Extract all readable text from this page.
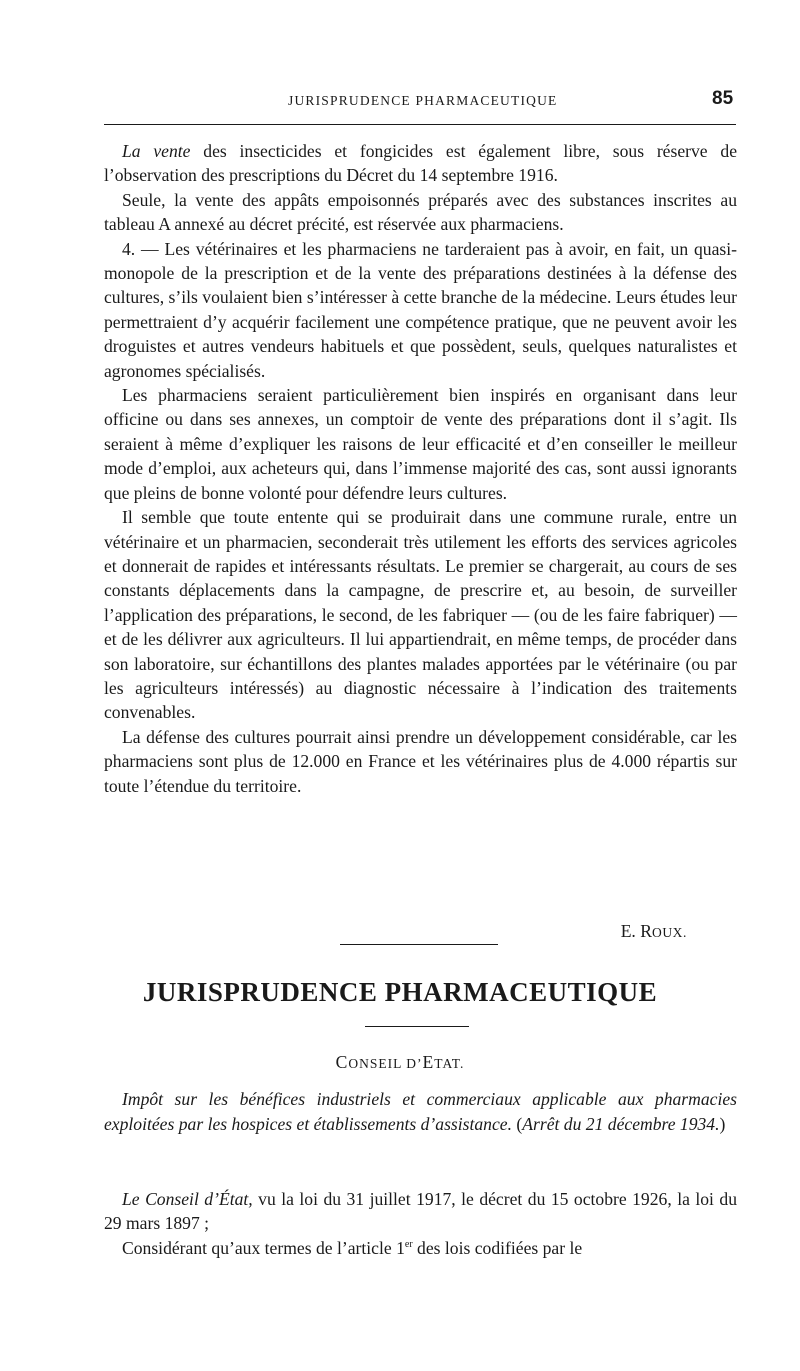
JURISPRUDENCE PHARMACEUTIQUE	85

La vente des insecticides et fongicides est également libre, sous réserve de l’observation des prescriptions du Décret du 14 septembre 1916.

Seule, la vente des appâts empoisonnés préparés avec des substances inscrites au tableau A annexé au décret précité, est réservée aux pharmaciens.

4. — Les vétérinaires et les pharmaciens ne tarderaient pas à avoir, en fait, un quasi-monopole de la prescription et de la vente des préparations destinées à la défense des cultures, s’ils voulaient bien s’intéresser à cette branche de la médecine. Leurs études leur permettraient d’y acquérir facilement une compétence pratique, que ne peuvent avoir les droguistes et autres vendeurs habituels et que possèdent, seuls, quelques naturalistes et agronomes spécialisés.

Les pharmaciens seraient particulièrement bien inspirés en organisant dans leur officine ou dans ses annexes, un comptoir de vente des préparations dont il s’agit. Ils seraient à même d’expliquer les raisons de leur efficacité et d’en conseiller le meilleur mode d’emploi, aux acheteurs qui, dans l’immense majorité des cas, sont aussi ignorants que pleins de bonne volonté pour défendre leurs cultures.

Il semble que toute entente qui se produirait dans une commune rurale, entre un vétérinaire et un pharmacien, seconderait très utilement les efforts des services agricoles et donnerait de rapides et intéressants résultats. Le premier se chargerait, au cours de ses constants déplacements dans la campagne, de prescrire et, au besoin, de surveiller l’application des préparations, le second, de les fabriquer — (ou de les faire fabriquer) — et de les délivrer aux agriculteurs. Il lui appartiendrait, en même temps, de procéder dans son laboratoire, sur échantillons des plantes malades apportées par le vétérinaire (ou par les agriculteurs intéressés) au diagnostic nécessaire à l’indication des traitements convenables.

La défense des cultures pourrait ainsi prendre un développement considérable, car les pharmaciens sont plus de 12.000 en France et les vétérinaires plus de 4.000 répartis sur toute l’étendue du territoire.

E. ROUX.
JURISPRUDENCE PHARMACEUTIQUE
CONSEIL D’ETAT.

Impôt sur les bénéfices industriels et commerciaux applicable aux pharmacies exploitées par les hospices et établissements d’assistance. (Arrêt du 21 décembre 1934.)

Le Conseil d’État, vu la loi du 31 juillet 1917, le décret du 15 octobre 1926, la loi du 29 mars 1897 ;

Considérant qu’aux termes de l’article 1er des lois codifiées par le
